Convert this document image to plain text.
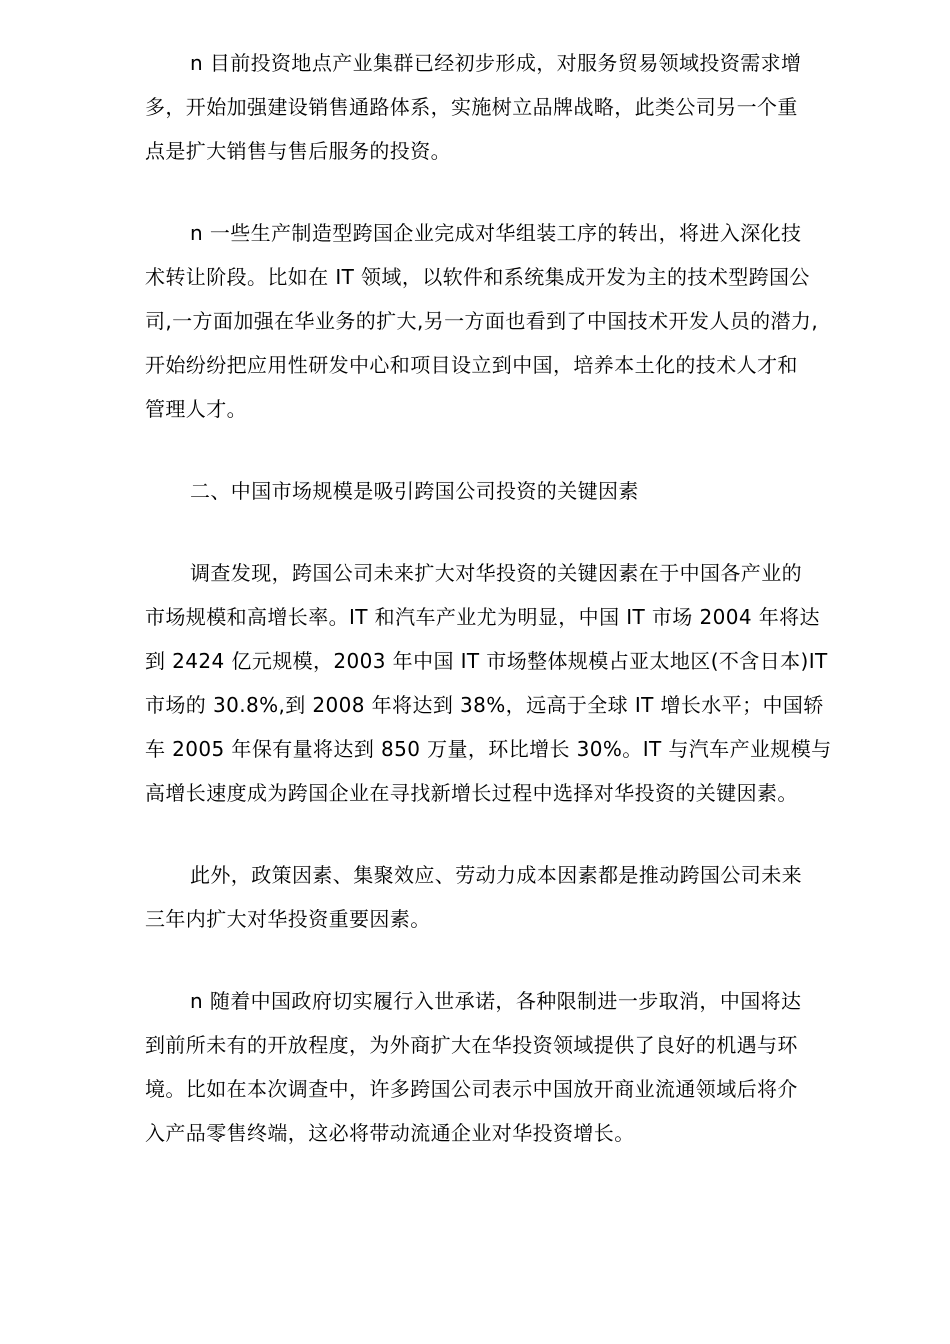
n 目前投资地点产业集群已经初步形成，对服务贸易领域投资需求增
多，开始加强建设销售通路体系，实施树立品牌战略，此类公司另一个重
点是扩大销售与售后服务的投资。
n 一些生产制造型跨国企业完成对华组装工序的转出，将进入深化技
术转让阶段。比如在 IT 领域，以软件和系统集成开发为主的技术型跨国公
司,一方面加强在华业务的扩大,另一方面也看到了中国技术开发人员的潜力,
开始纷纷把应用性研发中心和项目设立到中国，培养本土化的技术人才和
管理人才。
二、中国市场规模是吸引跨国公司投资的关键因素
调查发现，跨国公司未来扩大对华投资的关键因素在于中国各产业的
市场规模和高增长率。IT 和汽车产业尤为明显，中国 IT 市场 2004 年将达
到 2424 亿元规模，2003 年中国 IT 市场整体规模占亚太地区(不含日本)IT
市场的 30.8%,到 2008 年将达到 38%，远高于全球 IT 增长水平；中国轿
车 2005 年保有量将达到 850 万量，环比增长 30%。IT 与汽车产业规模与
高增长速度成为跨国企业在寻找新增长过程中选择对华投资的关键因素。
此外，政策因素、集聚效应、劳动力成本因素都是推动跨国公司未来
三年内扩大对华投资重要因素。
n 随着中国政府切实履行入世承诺，各种限制进一步取消，中国将达
到前所未有的开放程度，为外商扩大在华投资领域提供了良好的机遇与环
境。比如在本次调查中，许多跨国公司表示中国放开商业流通领域后将介
入产品零售终端，这必将带动流通企业对华投资增长。
